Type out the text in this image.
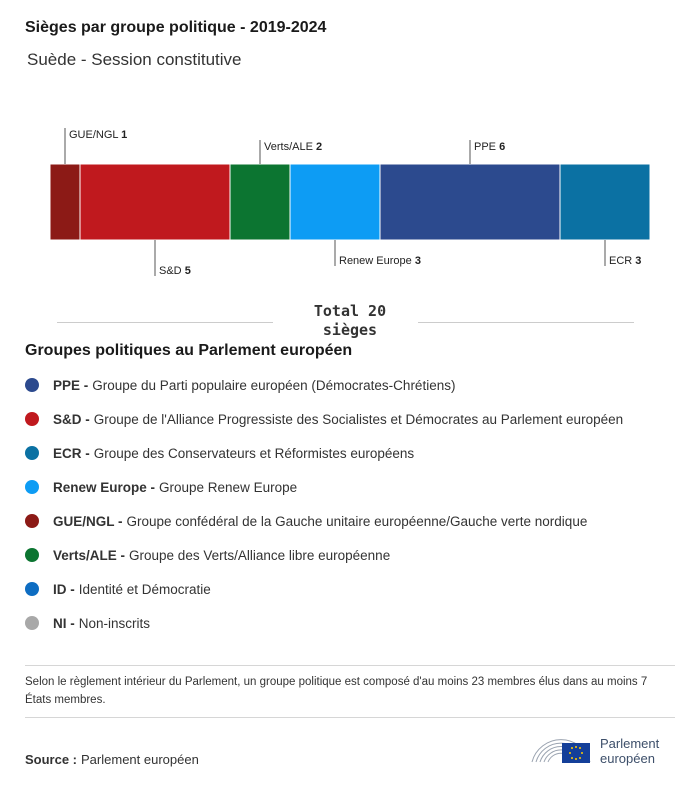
Sièges par groupe politique - 2019-2024
Suède - Session constitutive
GUE/NGL 1
S&D 5
Verts/ALE 2
Renew Europe 3
PPE 6
ECR 3
Total 20
sièges
Groupes politiques au Parlement européen
PPE - Groupe du Parti populaire européen (Démocrates-Chrétiens)
S&D - Groupe de l'Alliance Progressiste des Socialistes et Démocrates au Parlement européen
ECR - Groupe des Conservateurs et Réformistes européens
Renew Europe - Groupe Renew Europe
GUE/NGL - Groupe confédéral de la Gauche unitaire européenne/Gauche verte nordique
Verts/ALE - Groupe des Verts/Alliance libre européenne
ID - Identité et Démocratie
NI - Non-inscrits
Selon le règlement intérieur du Parlement, un groupe politique est composé d'au moins 23 membres élus dans au moins 7 États membres.
Source : Parlement européen
Parlement
européen
